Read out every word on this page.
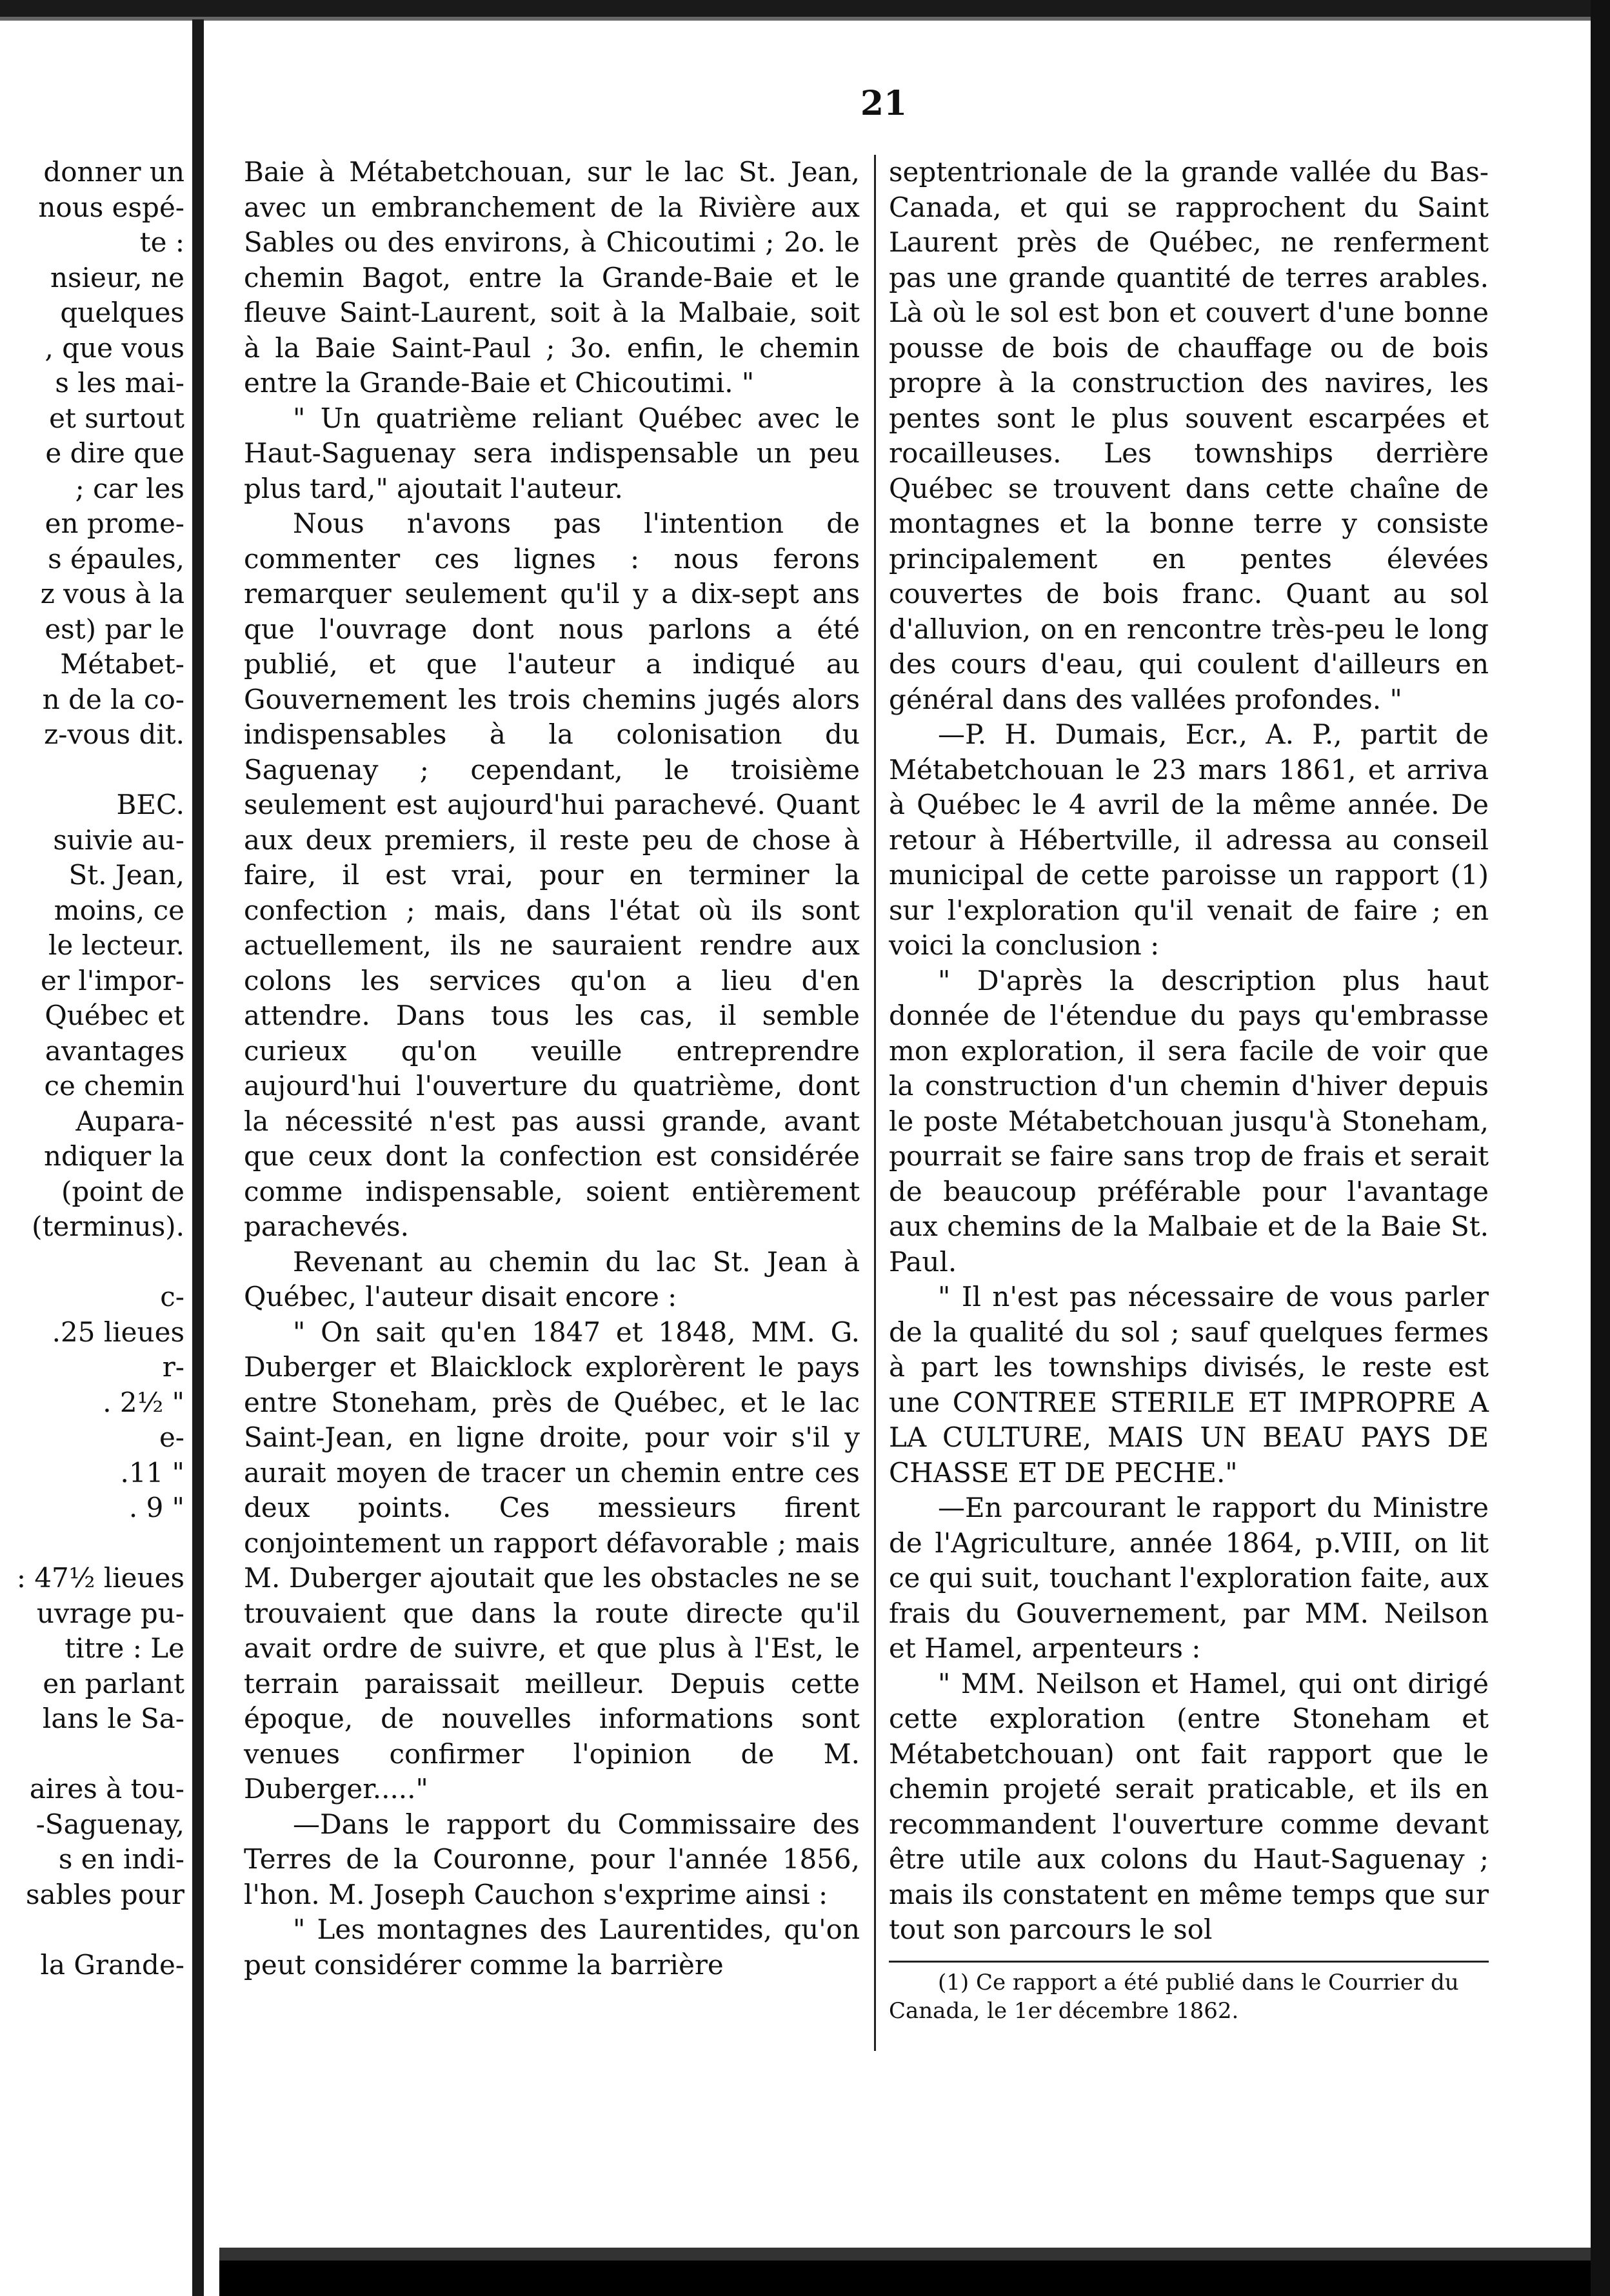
21
donner un
nous espé-
te :
nsieur, ne
quelques
, que vous
s les mai-
et surtout
e dire que
; car les
en prome-
s épaules,
z vous à la
est) par le
Métabet-
n de la co-
z-vous dit.

BEC.
suivie au-
St. Jean,
moins, ce
le lecteur.
er l'impor-
Québec et
avantages
ce chemin
Aupara-
ndiquer la
(point de
(terminus).

c-
.25 lieues
r-
. 2½ "
e-
.11 "
. 9 "

: 47½ lieues
uvrage pu-
titre : Le
en parlant
lans le Sa-

aires à tou-
-Saguenay,
s en indi-
sables pour

la Grande-

Baie à Métabetchouan, sur le lac St. Jean, avec un embranchement de la Rivière aux Sables ou des environs, à Chicoutimi ; 2o. le chemin Bagot, entre la Grande-Baie et le fleuve Saint-Laurent, soit à la Malbaie, soit à la Baie Saint-Paul ; 3o. enfin, le chemin entre la Grande-Baie et Chicoutimi. "

" Un quatrième reliant Québec avec le Haut-Saguenay sera indispensable un peu plus tard," ajoutait l'auteur.

Nous n'avons pas l'intention de commenter ces lignes : nous ferons remarquer seulement qu'il y a dix-sept ans que l'ouvrage dont nous parlons a été publié, et que l'auteur a indiqué au Gouvernement les trois chemins jugés alors indispensables à la colonisation du Saguenay ; cependant, le troisième seulement est aujourd'hui parachevé. Quant aux deux premiers, il reste peu de chose à faire, il est vrai, pour en terminer la confection ; mais, dans l'état où ils sont actuellement, ils ne sauraient rendre aux colons les services qu'on a lieu d'en attendre. Dans tous les cas, il semble curieux qu'on veuille entreprendre aujourd'hui l'ouverture du quatrième, dont la nécessité n'est pas aussi grande, avant que ceux dont la confection est considérée comme indispensable, soient entièrement parachevés.

Revenant au chemin du lac St. Jean à Québec, l'auteur disait encore :

" On sait qu'en 1847 et 1848, MM. G. Duberger et Blaicklock explorèrent le pays entre Stoneham, près de Québec, et le lac Saint-Jean, en ligne droite, pour voir s'il y aurait moyen de tracer un chemin entre ces deux points. Ces messieurs firent conjointement un rapport défavorable ; mais M. Duberger ajoutait que les obstacles ne se trouvaient que dans la route directe qu'il avait ordre de suivre, et que plus à l'Est, le terrain paraissait meilleur. Depuis cette époque, de nouvelles informations sont venues confirmer l'opinion de M. Duberger....."

—Dans le rapport du Commissaire des Terres de la Couronne, pour l'année 1856, l'hon. M. Joseph Cauchon s'exprime ainsi :

" Les montagnes des Laurentides, qu'on peut considérer comme la barrière

septentrionale de la grande vallée du Bas-Canada, et qui se rapprochent du Saint Laurent près de Québec, ne renferment pas une grande quantité de terres arables. Là où le sol est bon et couvert d'une bonne pousse de bois de chauffage ou de bois propre à la construction des navires, les pentes sont le plus souvent escarpées et rocailleuses. Les townships derrière Québec se trouvent dans cette chaîne de montagnes et la bonne terre y consiste principalement en pentes élevées couvertes de bois franc. Quant au sol d'alluvion, on en rencontre très-peu le long des cours d'eau, qui coulent d'ailleurs en général dans des vallées profondes. "

—P. H. Dumais, Ecr., A. P., partit de Métabetchouan le 23 mars 1861, et arriva à Québec le 4 avril de la même année. De retour à Hébertville, il adressa au conseil municipal de cette paroisse un rapport (1) sur l'exploration qu'il venait de faire ; en voici la conclusion :

" D'après la description plus haut donnée de l'étendue du pays qu'embrasse mon exploration, il sera facile de voir que la construction d'un chemin d'hiver depuis le poste Métabetchouan jusqu'à Stoneham, pourrait se faire sans trop de frais et serait de beaucoup préférable pour l'avantage aux chemins de la Malbaie et de la Baie St. Paul.

" Il n'est pas nécessaire de vous parler de la qualité du sol ; sauf quelques fermes à part les townships divisés, le reste est une CONTREE STERILE ET IMPROPRE A LA CULTURE, MAIS UN BEAU PAYS DE CHASSE ET DE PECHE."

—En parcourant le rapport du Ministre de l'Agriculture, année 1864, p.VIII, on lit ce qui suit, touchant l'exploration faite, aux frais du Gouvernement, par MM. Neilson et Hamel, arpenteurs :

" MM. Neilson et Hamel, qui ont dirigé cette exploration (entre Stoneham et Métabetchouan) ont fait rapport que le chemin projeté serait praticable, et ils en recommandent l'ouverture comme devant être utile aux colons du Haut-Saguenay ; mais ils constatent en même temps que sur tout son parcours le sol

(1) Ce rapport a été publié dans le Courrier du Canada, le 1er décembre 1862.
